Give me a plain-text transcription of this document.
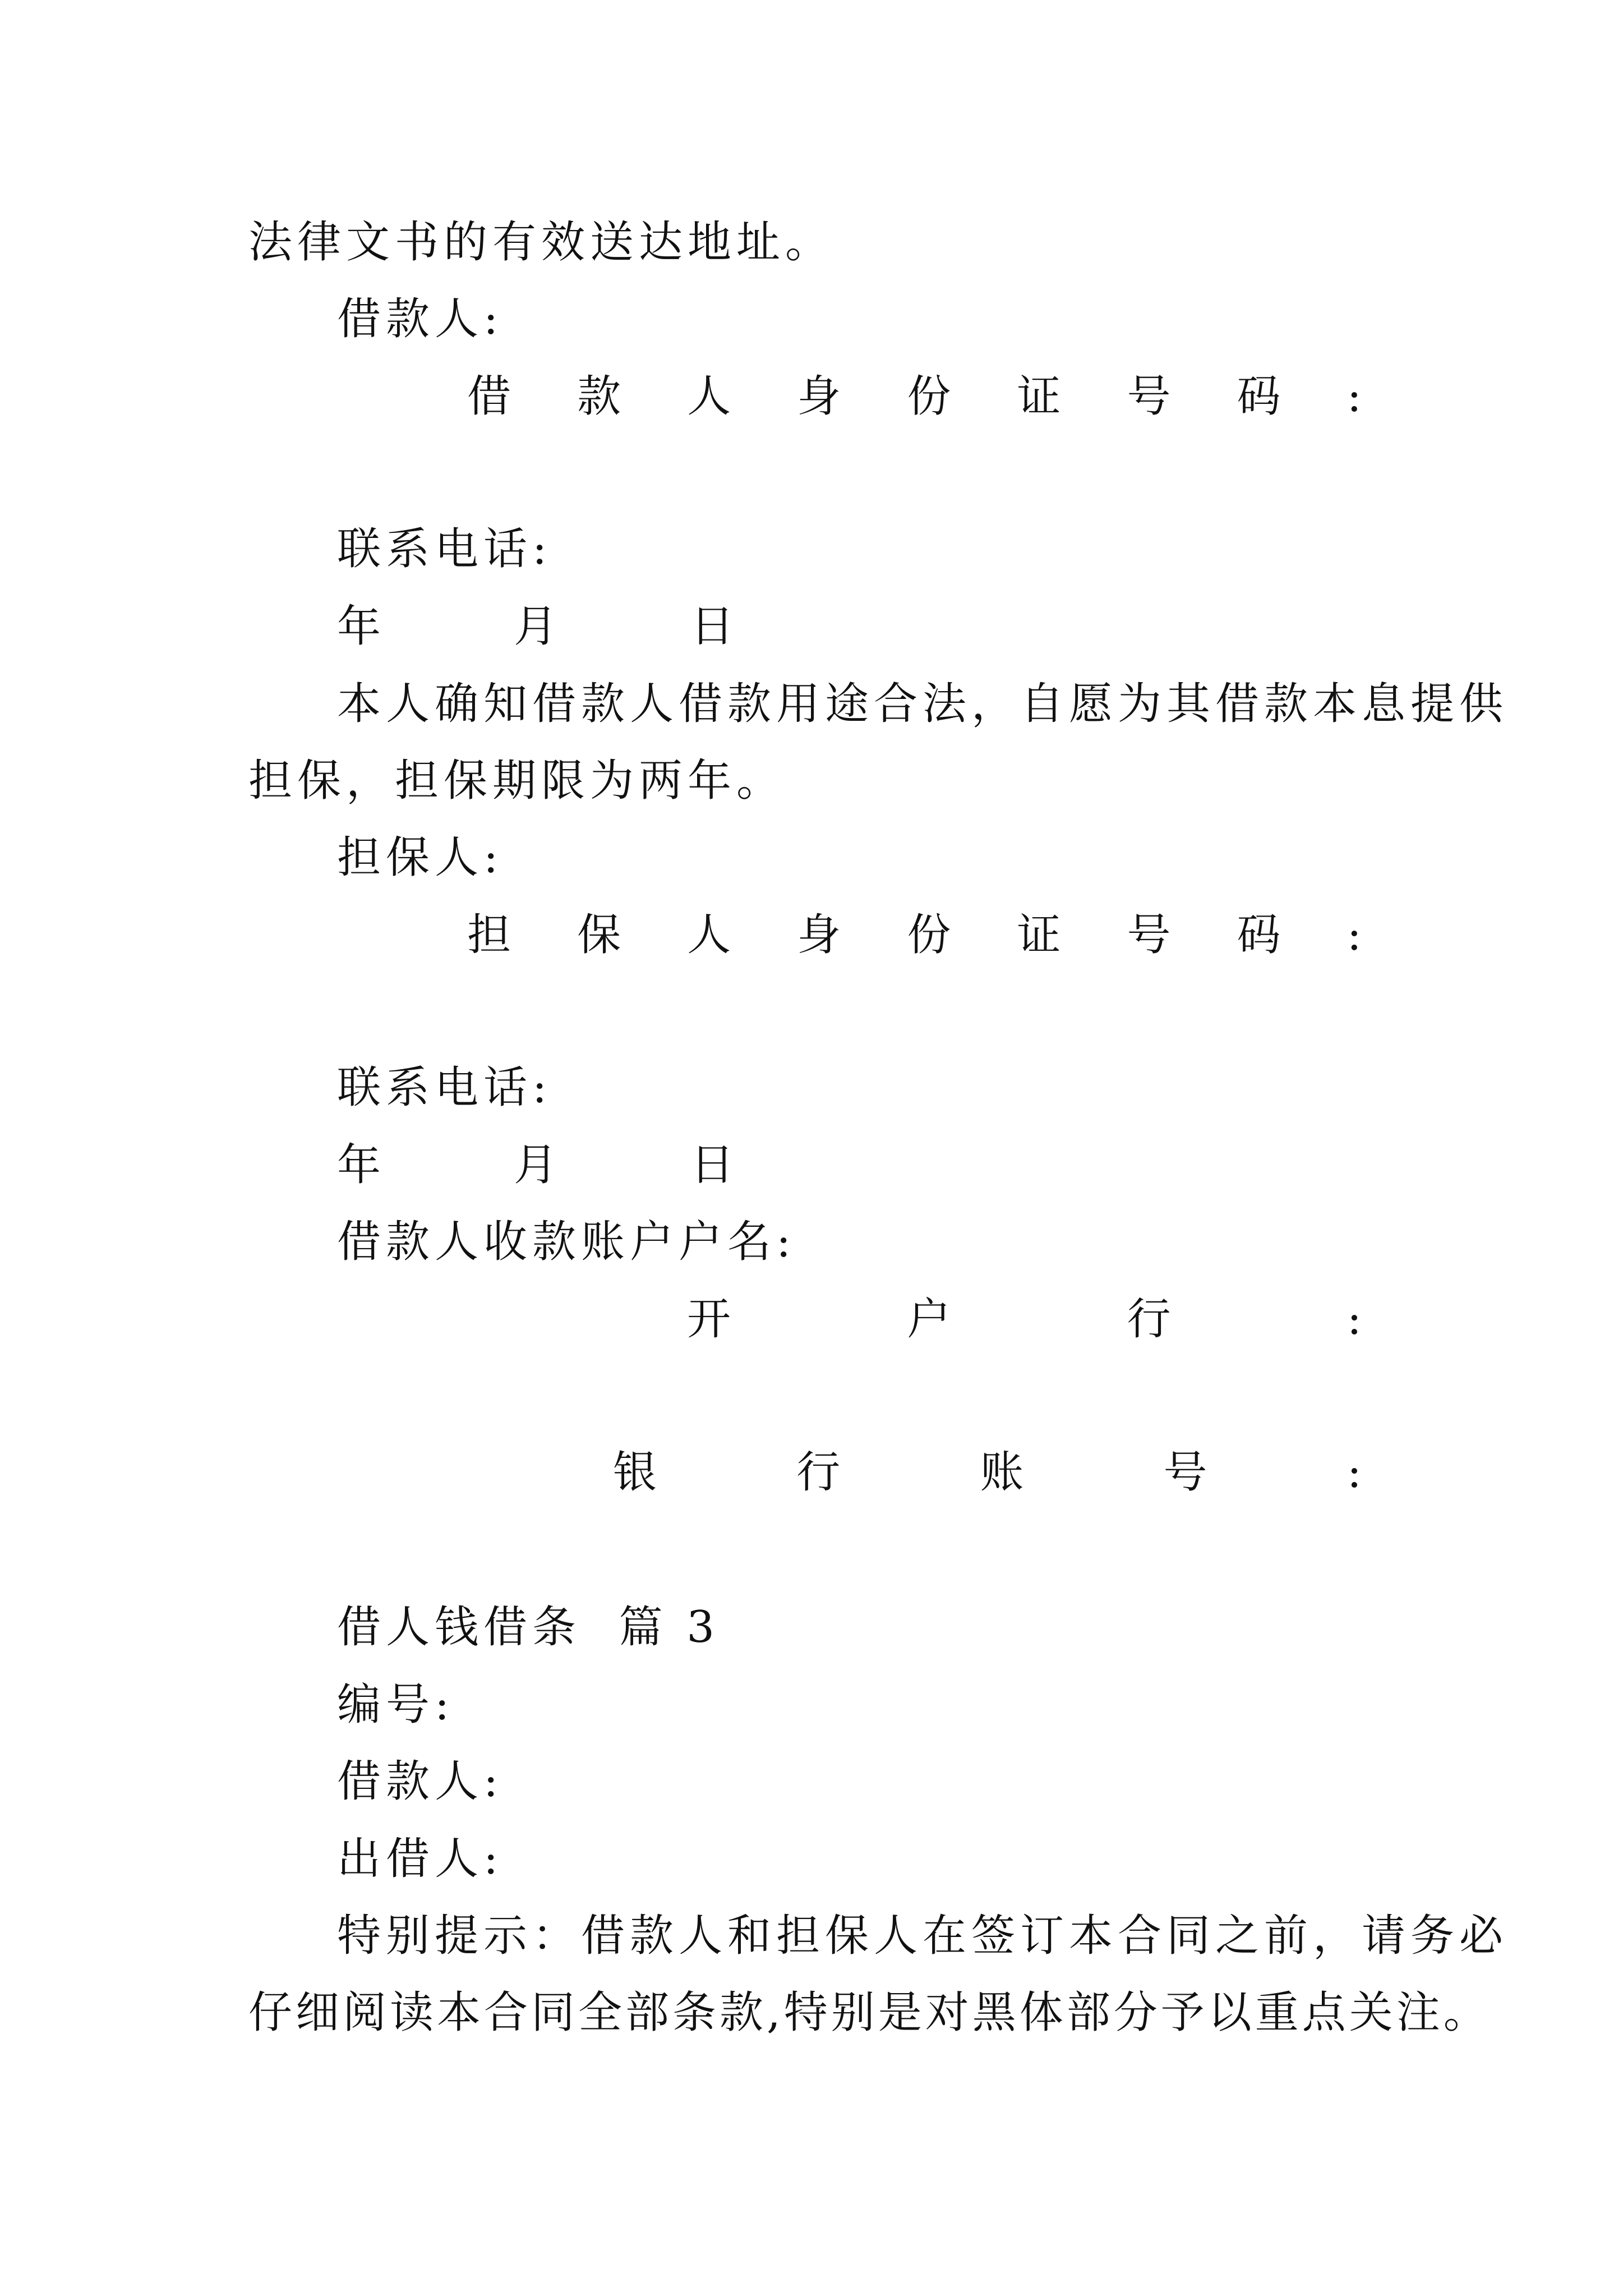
法律文书的有效送达地址。
借款人:
借 款 人 身 份 证 号 码 :
联系电话:
年	月	日
本人确知借款人借款用途合法，自愿为其借款本息提供
担保，担保期限为两年。
担保人:
担 保 人 身 份 证 号 码 :
联系电话:
年	月	日
借款人收款账户户名:
开	户	行	:
银	行	账	号	:
借人钱借条  篇 3
编号:
借款人:
出借人:
特别提示：借款人和担保人在签订本合同之前，请务必
仔细阅读本合同全部条款,特别是对黑体部分予以重点关注。
